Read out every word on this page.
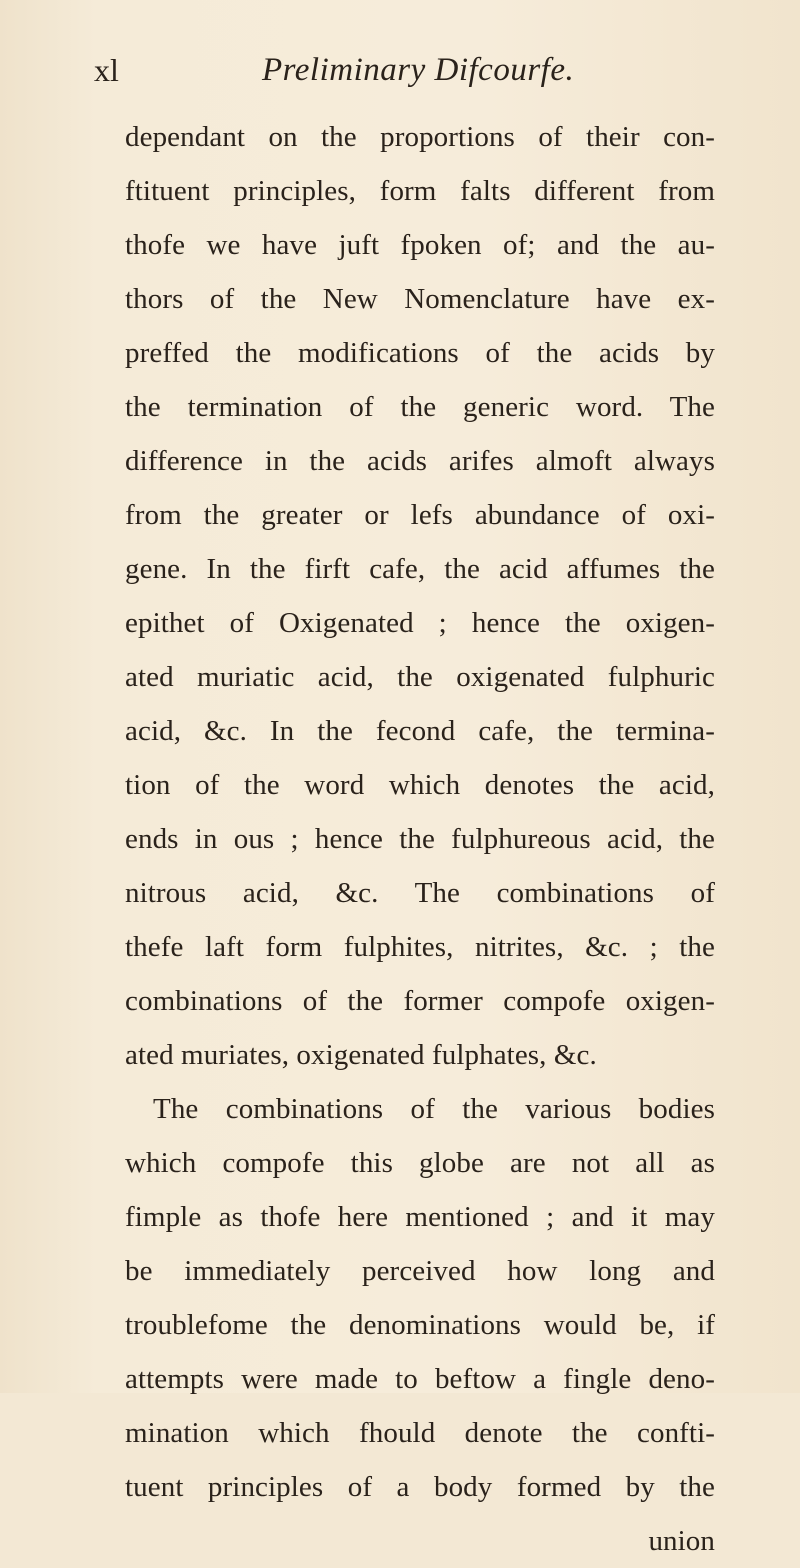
xl	Preliminary Difcourfe.
dependant on the proportions of their con-
ftituent principles, form falts different from
thofe we have juft fpoken of; and the au-
thors of the New Nomenclature have ex-
preffed the modifications of the acids by
the termination of the generic word. The
difference in the acids arifes almoft always
from the greater or lefs abundance of oxi-
gene. In the firft cafe, the acid affumes the
epithet of Oxigenated ; hence the oxigen-
ated muriatic acid, the oxigenated fulphuric
acid, &c. In the fecond cafe, the termina-
tion of the word which denotes the acid,
ends in ous ; hence the fulphureous acid, the
nitrous acid, &c. The combinations of
thefe laft form fulphites, nitrites, &c. ; the
combinations of the former compofe oxigen-
ated muriates, oxigenated fulphates, &c.
The combinations of the various bodies
which compofe this globe are not all as
fimple as thofe here mentioned ; and it may
be immediately perceived how long and
troublefome the denominations would be, if
attempts were made to beftow a fingle deno-
mination which fhould denote the confti-
tuent principles of a body formed by the
union
